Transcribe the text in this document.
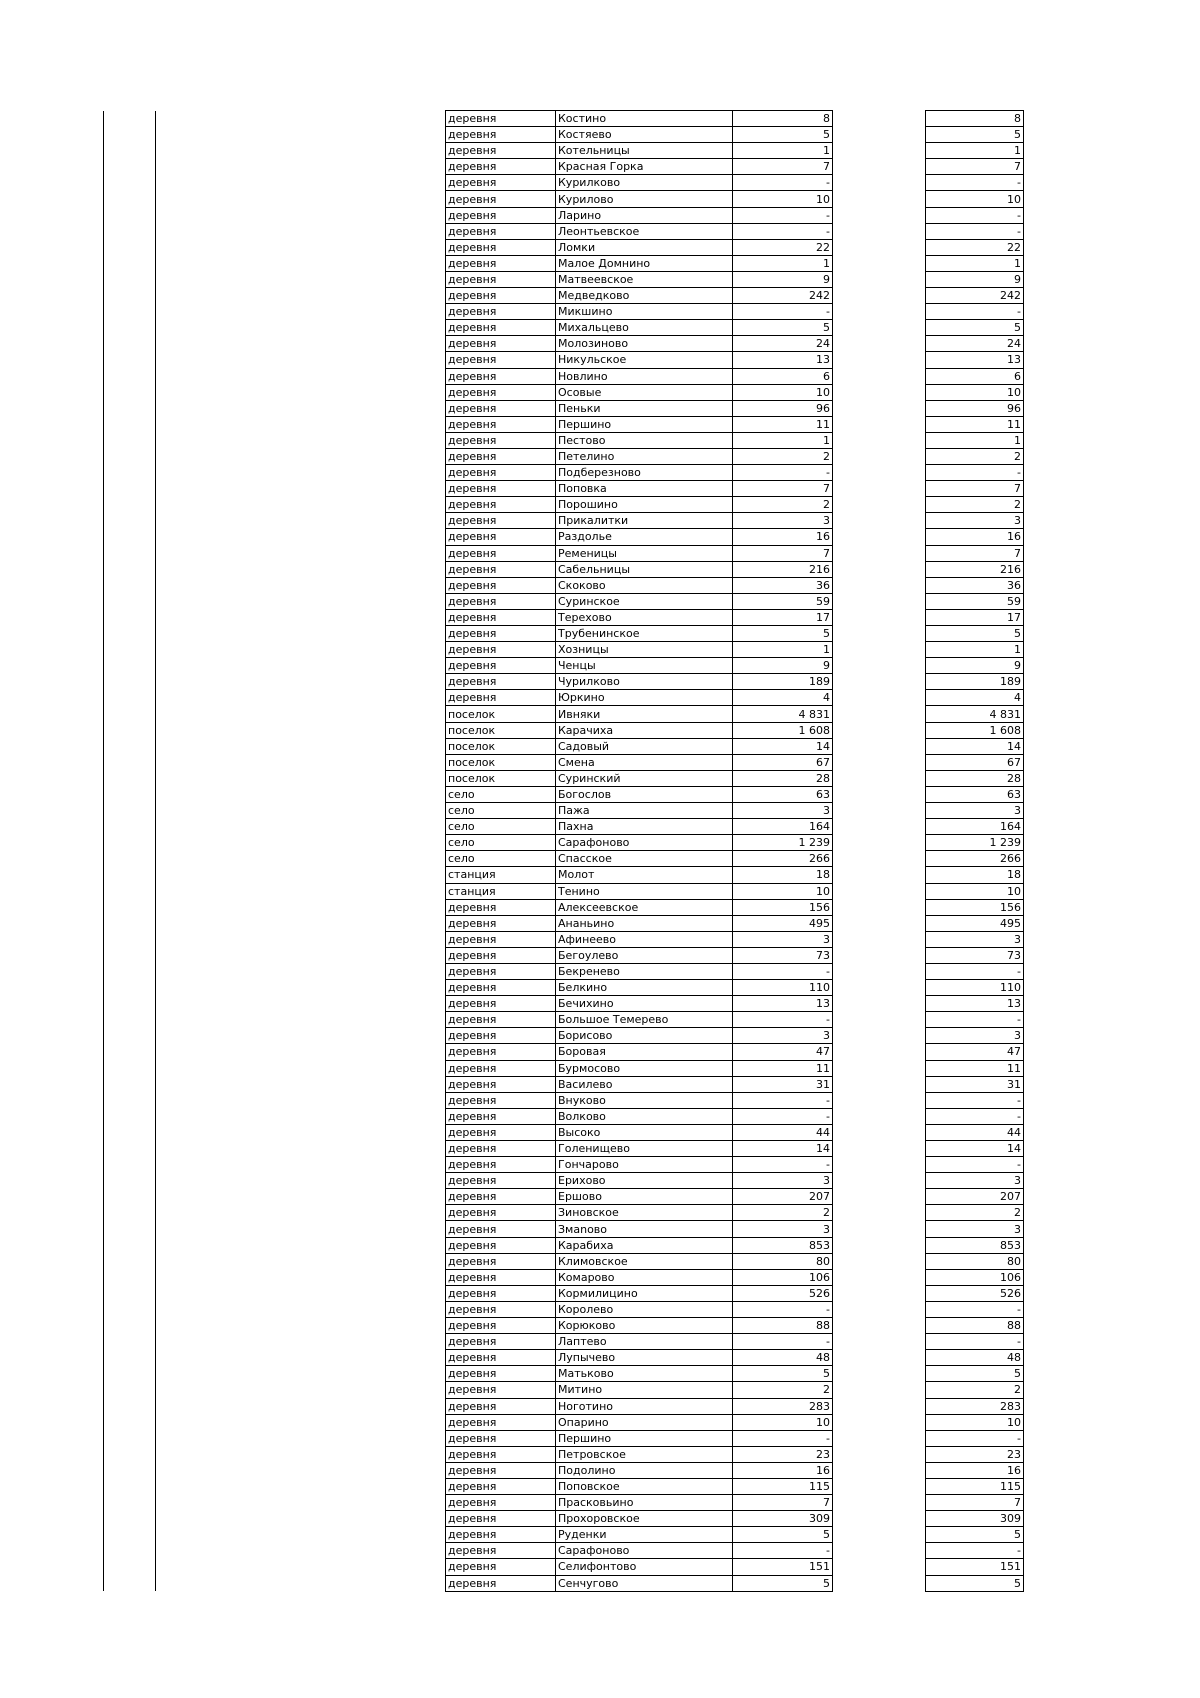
		деревня	Костино	8		8
		деревня	Костяево	5		5
		деревня	Котельницы	1		1
		деревня	Красная Горка	7		7
		деревня	Курилково	-		-
		деревня	Курилово	10		10
		деревня	Ларино	-		-
		деревня	Леонтьевское	-		-
		деревня	Ломки	22		22
		деревня	Малое Домнино	1		1
		деревня	Матвеевское	9		9
		деревня	Медведково	242		242
		деревня	Микшино	-		-
		деревня	Михальцево	5		5
		деревня	Молозиново	24		24
		деревня	Никульское	13		13
		деревня	Новлино	6		6
		деревня	Осовые	10		10
		деревня	Пеньки	96		96
		деревня	Першино	11		11
		деревня	Пестово	1		1
		деревня	Петелино	2		2
		деревня	Подберезново	-		-
		деревня	Поповка	7		7
		деревня	Порошино	2		2
		деревня	Прикалитки	3		3
		деревня	Раздолье	16		16
		деревня	Ременицы	7		7
		деревня	Сабельницы	216		216
		деревня	Скоково	36		36
		деревня	Суринское	59		59
		деревня	Терехово	17		17
		деревня	Трубенинское	5		5
		деревня	Хозницы	1		1
		деревня	Ченцы	9		9
		деревня	Чурилково	189		189
		деревня	Юркино	4		4
		поселок	Ивняки	4 831		4 831
		поселок	Карачиха	1 608		1 608
		поселок	Садовый	14		14
		поселок	Смена	67		67
		поселок	Суринский	28		28
		село	Богослов	63		63
		село	Пажа	3		3
		село	Пахна	164		164
		село	Сарафоново	1 239		1 239
		село	Спасское	266		266
		станция	Молот	18		18
		станция	Тенино	10		10
		деревня	Алексеевское	156		156
		деревня	Ананьино	495		495
		деревня	Афинеево	3		3
		деревня	Бегоулево	73		73
		деревня	Бекренево	-		-
		деревня	Белкино	110		110
		деревня	Бечихино	13		13
		деревня	Большое Темерево	-		-
		деревня	Борисово	3		3
		деревня	Боровая	47		47
		деревня	Бурмосово	11		11
		деревня	Василево	31		31
		деревня	Внуково	-		-
		деревня	Волково	-		-
		деревня	Высоко	44		44
		деревня	Голенищево	14		14
		деревня	Гончарово	-		-
		деревня	Ерихово	3		3
		деревня	Ершово	207		207
		деревня	Зиновское	2		2
		деревня	Змаnово	3		3
		деревня	Карабиха	853		853
		деревня	Климовское	80		80
		деревня	Комарово	106		106
		деревня	Кормилицино	526		526
		деревня	Королево	-		-
		деревня	Корюково	88		88
		деревня	Лаптево	-		-
		деревня	Лупычево	48		48
		деревня	Матьково	5		5
		деревня	Митино	2		2
		деревня	Ноготино	283		283
		деревня	Опарино	10		10
		деревня	Першино	-		-
		деревня	Петровское	23		23
		деревня	Подолино	16		16
		деревня	Поповское	115		115
		деревня	Прасковьино	7		7
		деревня	Прохоровское	309		309
		деревня	Руденки	5		5
		деревня	Сарафоново	-		-
		деревня	Селифонтово	151		151
		деревня	Сенчугово	5		5
